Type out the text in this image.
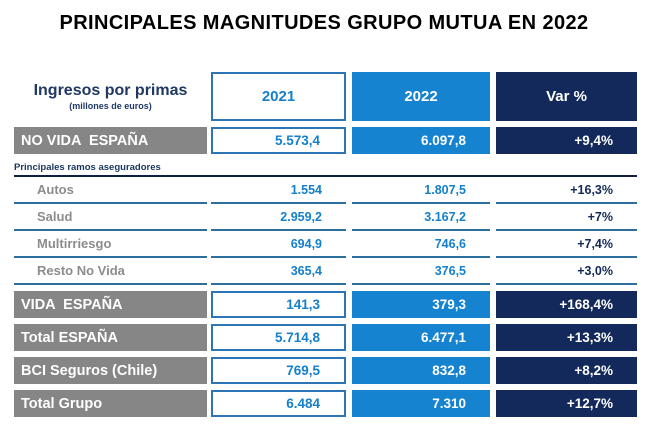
PRINCIPALES MAGNITUDES GRUPO MUTUA EN 2022
Ingresos por primas
(millones de euros)
2021	2022	Var %
NO VIDA  ESPAÑA	5.573,4	6.097,8	+9,4%
Principales ramos aseguradores
Autos	1.554	1.807,5	+16,3%
Salud	2.959,2	3.167,2	+7%
Multirriesgo	694,9	746,6	+7,4%
Resto No Vida	365,4	376,5	+3,0%
VIDA  ESPAÑA	141,3	379,3	+168,4%
Total ESPAÑA	5.714,8	6.477,1	+13,3%
BCI Seguros (Chile)	769,5	832,8	+8,2%
Total Grupo	6.484	7.310	+12,7%
